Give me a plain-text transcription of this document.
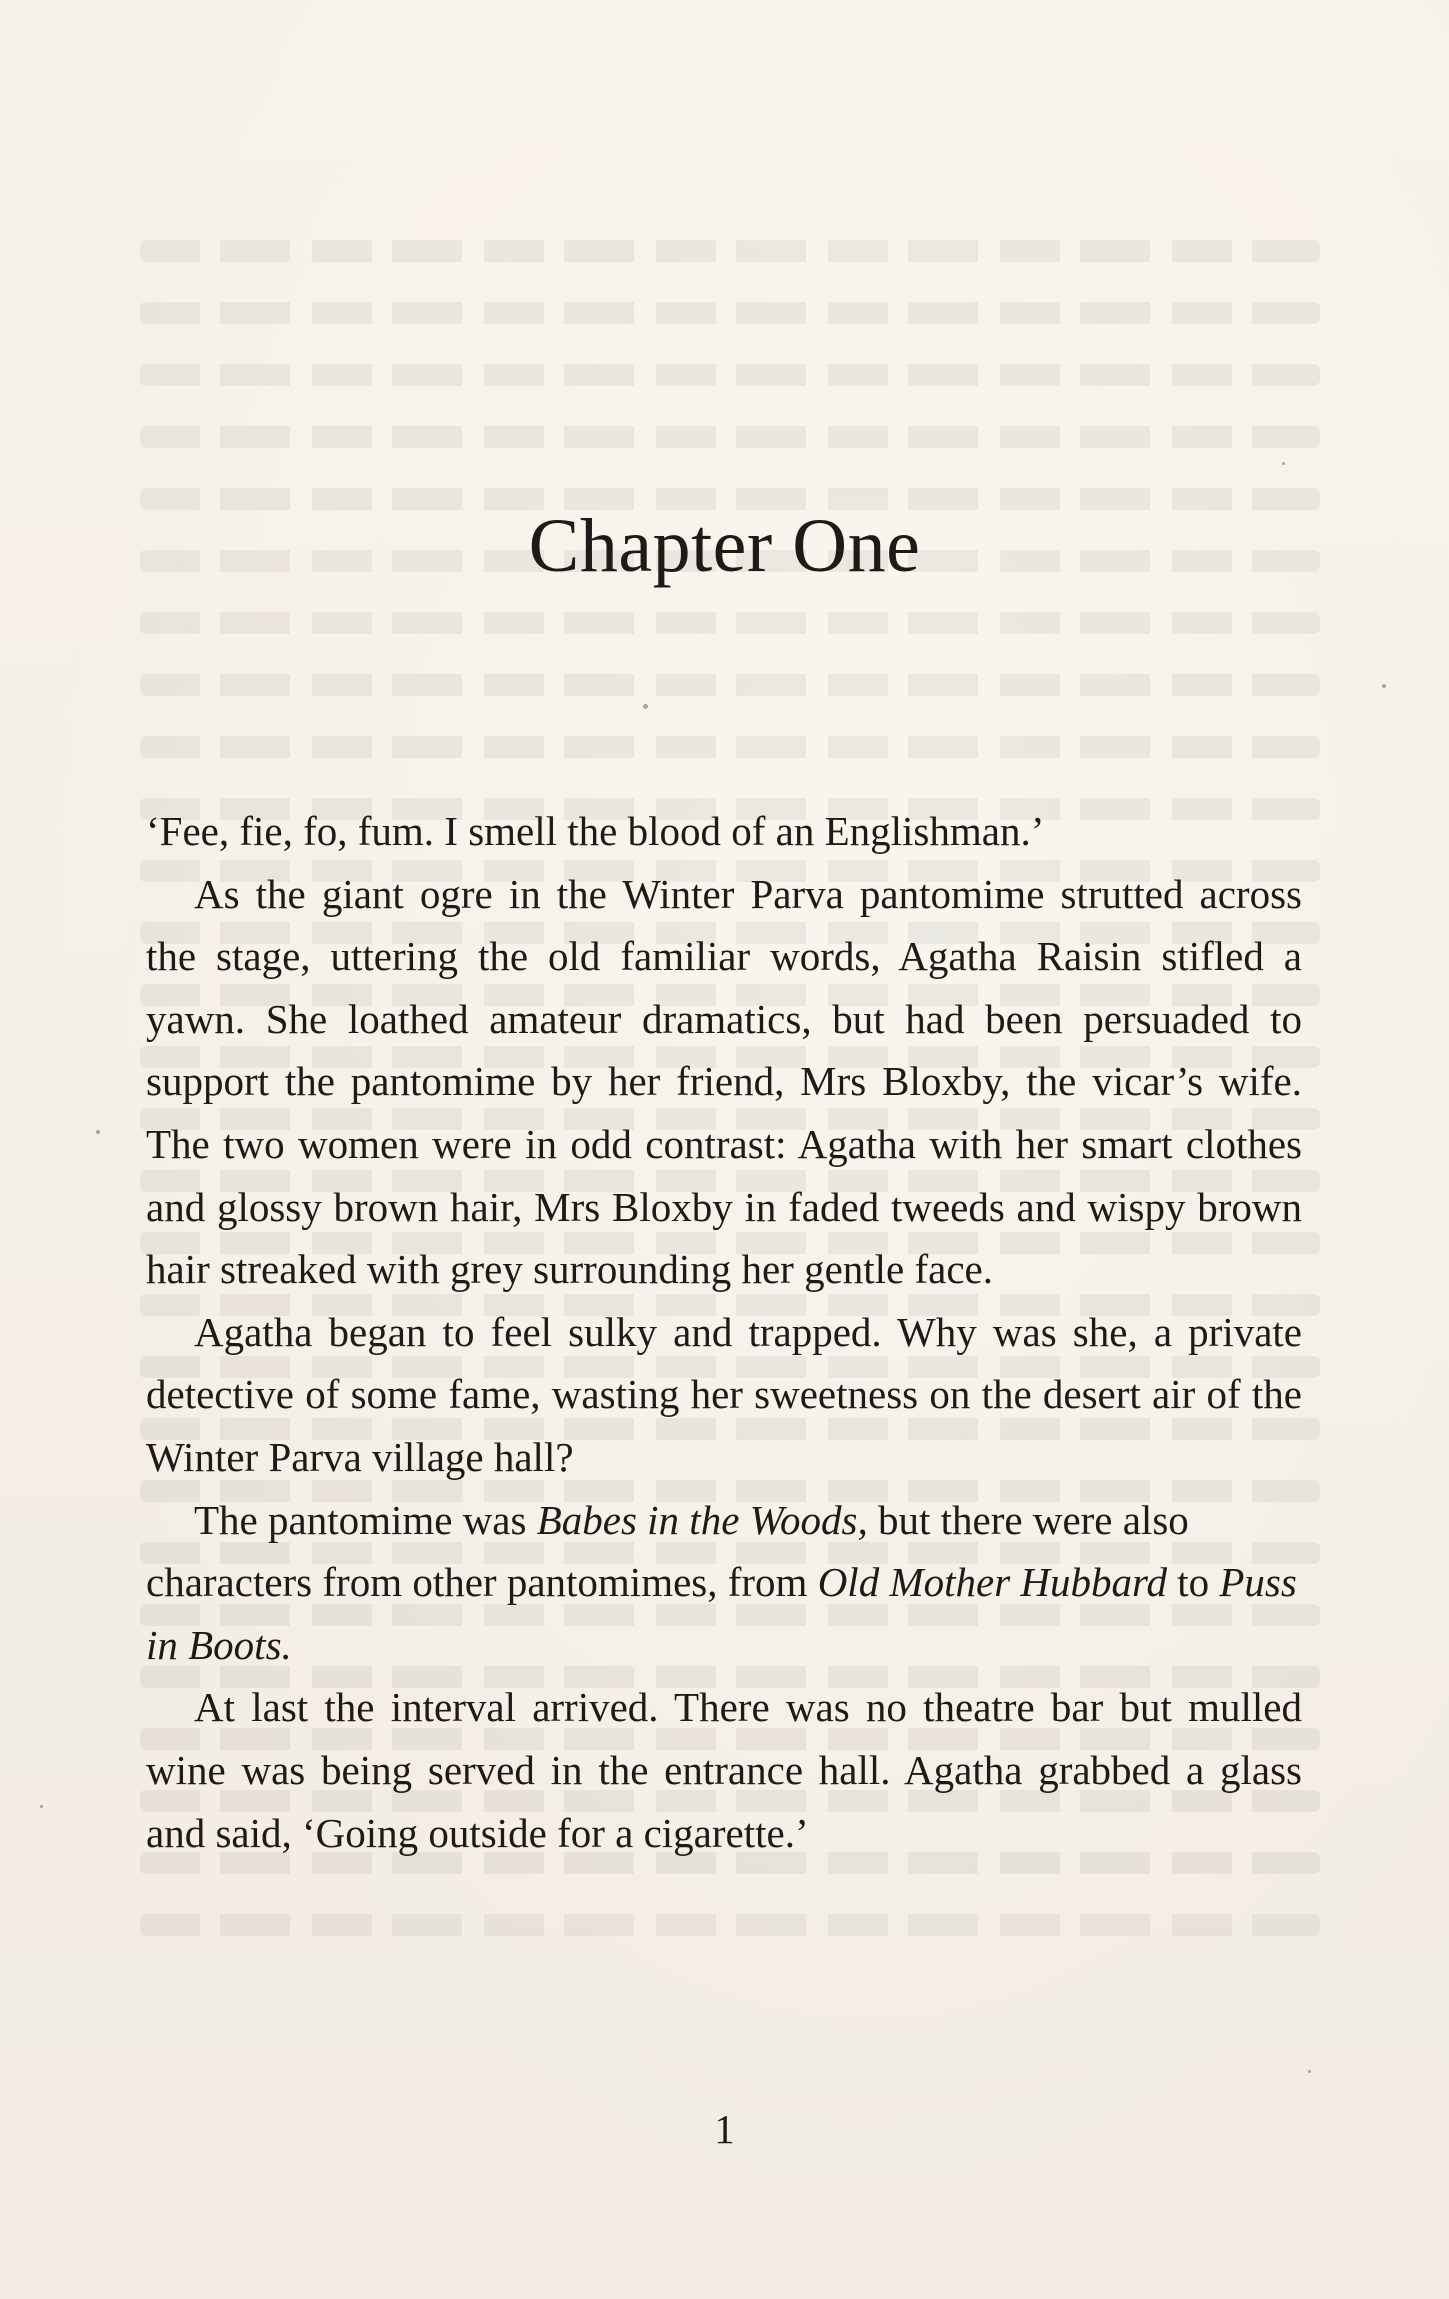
Chapter One

‘Fee, fie, fo, fum. I smell the blood of an Englishman.’

As the giant ogre in the Winter Parva pantomime strutted across the stage, uttering the old familiar words, Agatha Raisin stifled a yawn. She loathed amateur dramatics, but had been persuaded to support the pantomime by her friend, Mrs Bloxby, the vicar’s wife. The two women were in odd contrast: Agatha with her smart clothes and glossy brown hair, Mrs Bloxby in faded tweeds and wispy brown hair streaked with grey surrounding her gentle face.

Agatha began to feel sulky and trapped. Why was she, a private detective of some fame, wasting her sweetness on the desert air of the Winter Parva village hall?

The pantomime was Babes in the Woods, but there were also characters from other pantomimes, from Old Mother Hubbard to Puss in Boots.

At last the interval arrived. There was no theatre bar but mulled wine was being served in the entrance hall. Agatha grabbed a glass and said, ‘Going outside for a cigarette.’

1
